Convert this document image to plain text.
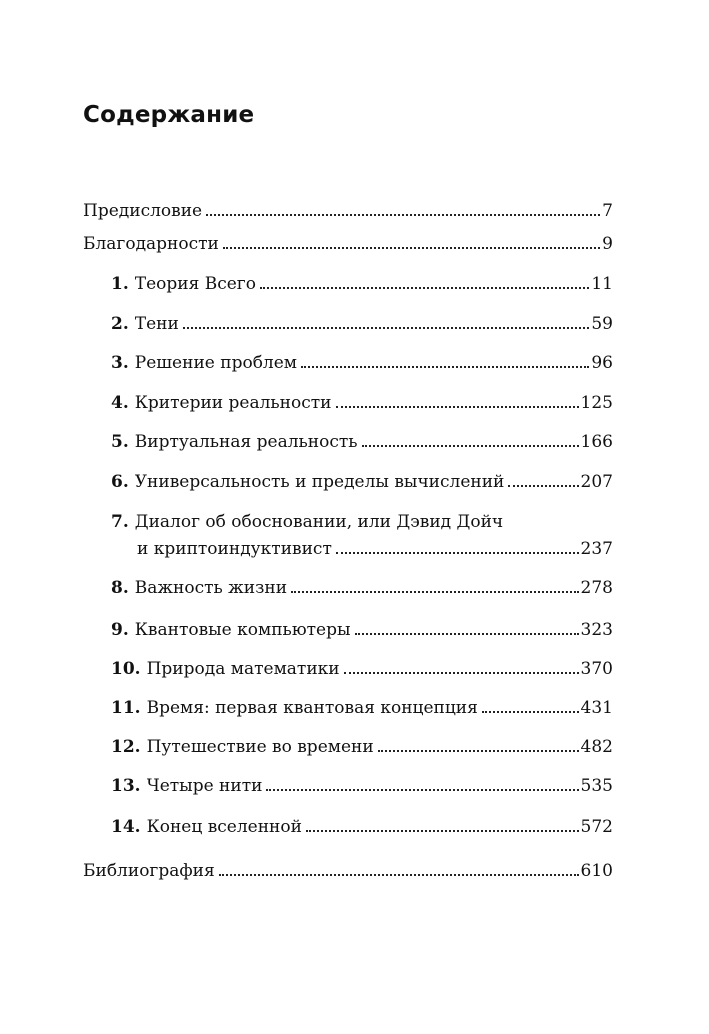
Содержание
Предисловие	7
Благодарности	9
1. Теория Всего	11
2. Тени	59
3. Решение проблем	96
4. Критерии реальности	125
5. Виртуальная реальность	166
6. Универсальность и пределы вычислений	207
7. Диалог об обосновании, или Дэвид Дойч
и криптоиндуктивист	237
8. Важность жизни	278
9. Квантовые компьютеры	323
10. Природа математики	370
11. Время: первая квантовая концепция	431
12. Путешествие во времени	482
13. Четыре нити	535
14. Конец вселенной	572
Библиография	610
